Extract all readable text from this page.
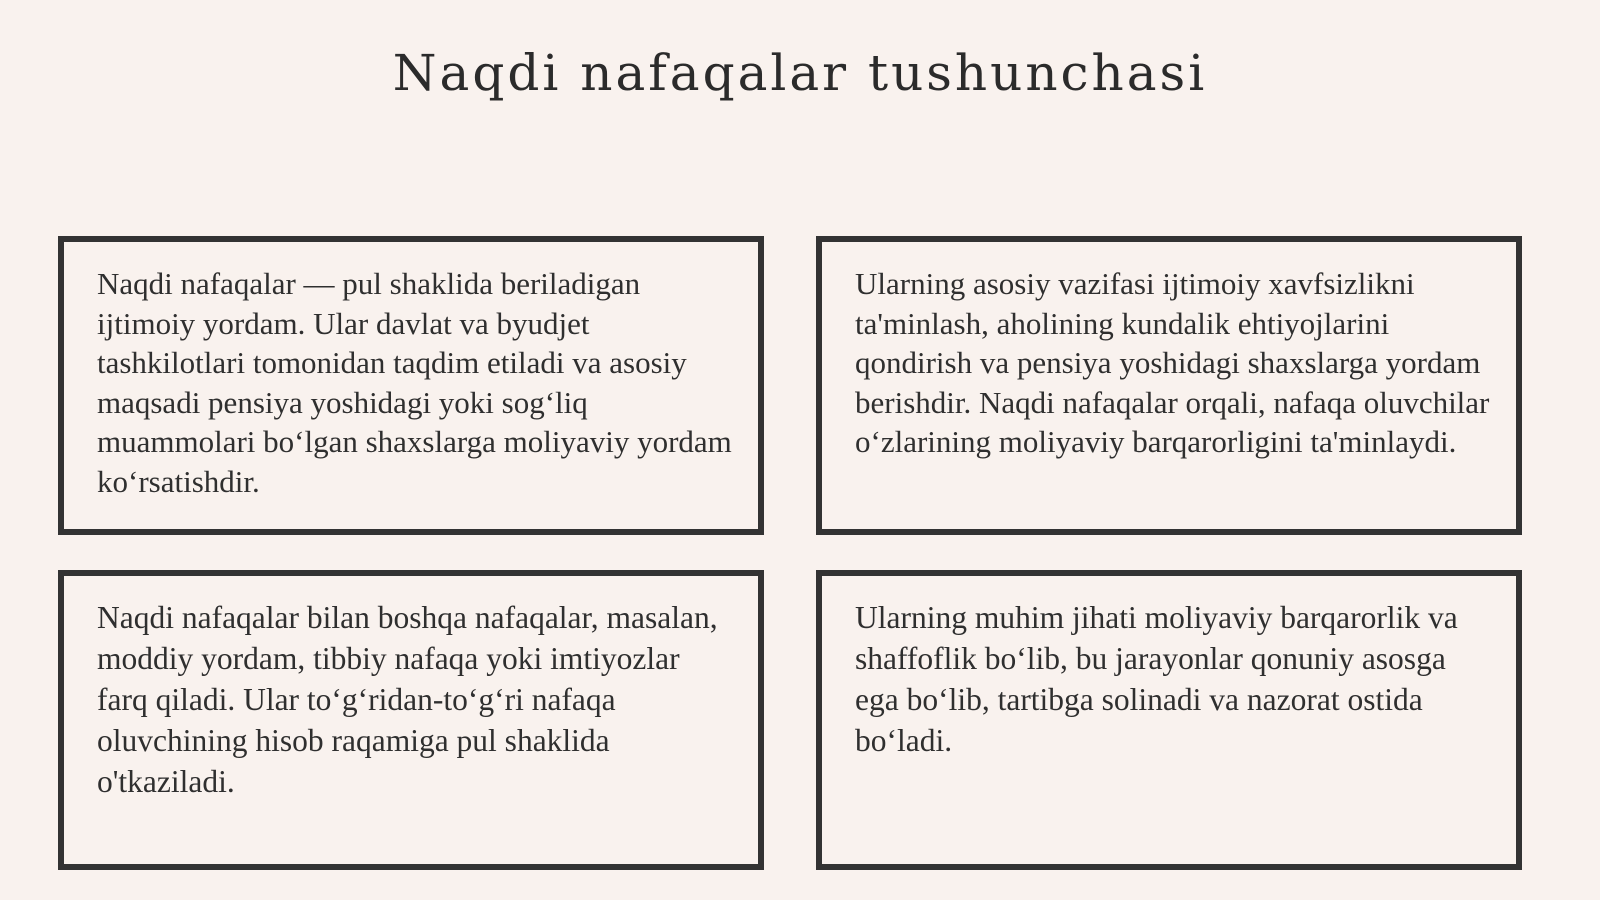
Naqdi nafaqalar tushunchasi

Naqdi nafaqalar — pul shaklida beriladigan ijtimoiy yordam. Ular davlat va byudjet tashkilotlari tomonidan taqdim etiladi va asosiy maqsadi pensiya yoshidagi yoki sog‘liq muammolari bo‘lgan shaxslarga moliyaviy yordam ko‘rsatishdir.

Ularning asosiy vazifasi ijtimoiy xavfsizlikni ta'minlash, aholining kundalik ehtiyojlarini qondirish va pensiya yoshidagi shaxslarga yordam berishdir. Naqdi nafaqalar orqali, nafaqa oluvchilar o‘zlarining moliyaviy barqarorligini ta'minlaydi.

Naqdi nafaqalar bilan boshqa nafaqalar, masalan, moddiy yordam, tibbiy nafaqa yoki imtiyozlar farq qiladi. Ular to‘g‘ridan-to‘g‘ri nafaqa oluvchining hisob raqamiga pul shaklida o'tkaziladi.

Ularning muhim jihati moliyaviy barqarorlik va shaffoflik bo‘lib, bu jarayonlar qonuniy asosga ega bo‘lib, tartibga solinadi va nazorat ostida bo‘ladi.
